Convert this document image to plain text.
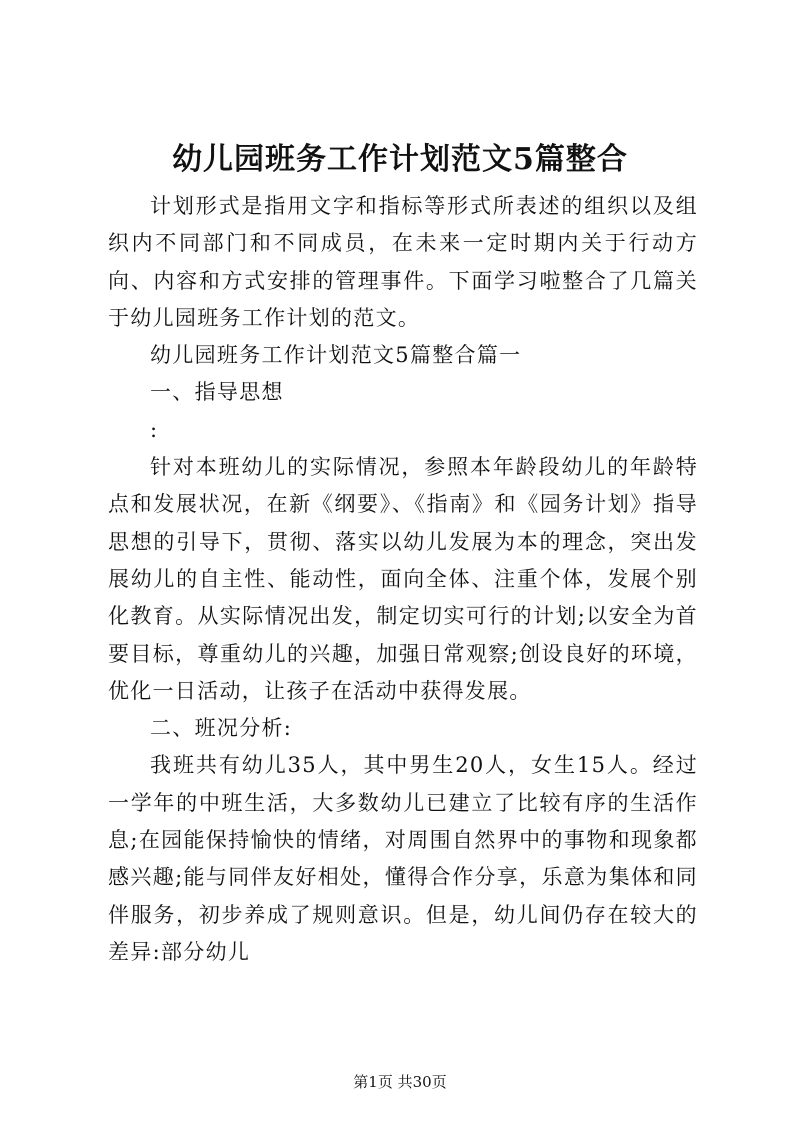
幼儿园班务工作计划范文5篇整合

计划形式是指用文字和指标等形式所表述的组织以及组织内不同部门和不同成员，在未来一定时期内关于行动方向、内容和方式安排的管理事件。下面学习啦整合了几篇关于幼儿园班务工作计划的范文。

幼儿园班务工作计划范文5篇整合篇一

一、指导思想

:

针对本班幼儿的实际情况，参照本年龄段幼儿的年龄特点和发展状况，在新《纲要》、《指南》和《园务计划》指导思想的引导下，贯彻、落实以幼儿发展为本的理念，突出发展幼儿的自主性、能动性，面向全体、注重个体，发展个别化教育。从实际情况出发，制定切实可行的计划;以安全为首要目标，尊重幼儿的兴趣，加强日常观察;创设良好的环境，优化一日活动，让孩子在活动中获得发展。

二、班况分析:

我班共有幼儿35人，其中男生20人，女生15人。经过一学年的中班生活，大多数幼儿已建立了比较有序的生活作息;在园能保持愉快的情绪，对周围自然界中的事物和现象都感兴趣;能与同伴友好相处，懂得合作分享，乐意为集体和同伴服务，初步养成了规则意识。但是，幼儿间仍存在较大的差异:部分幼儿

第1页 共30页
